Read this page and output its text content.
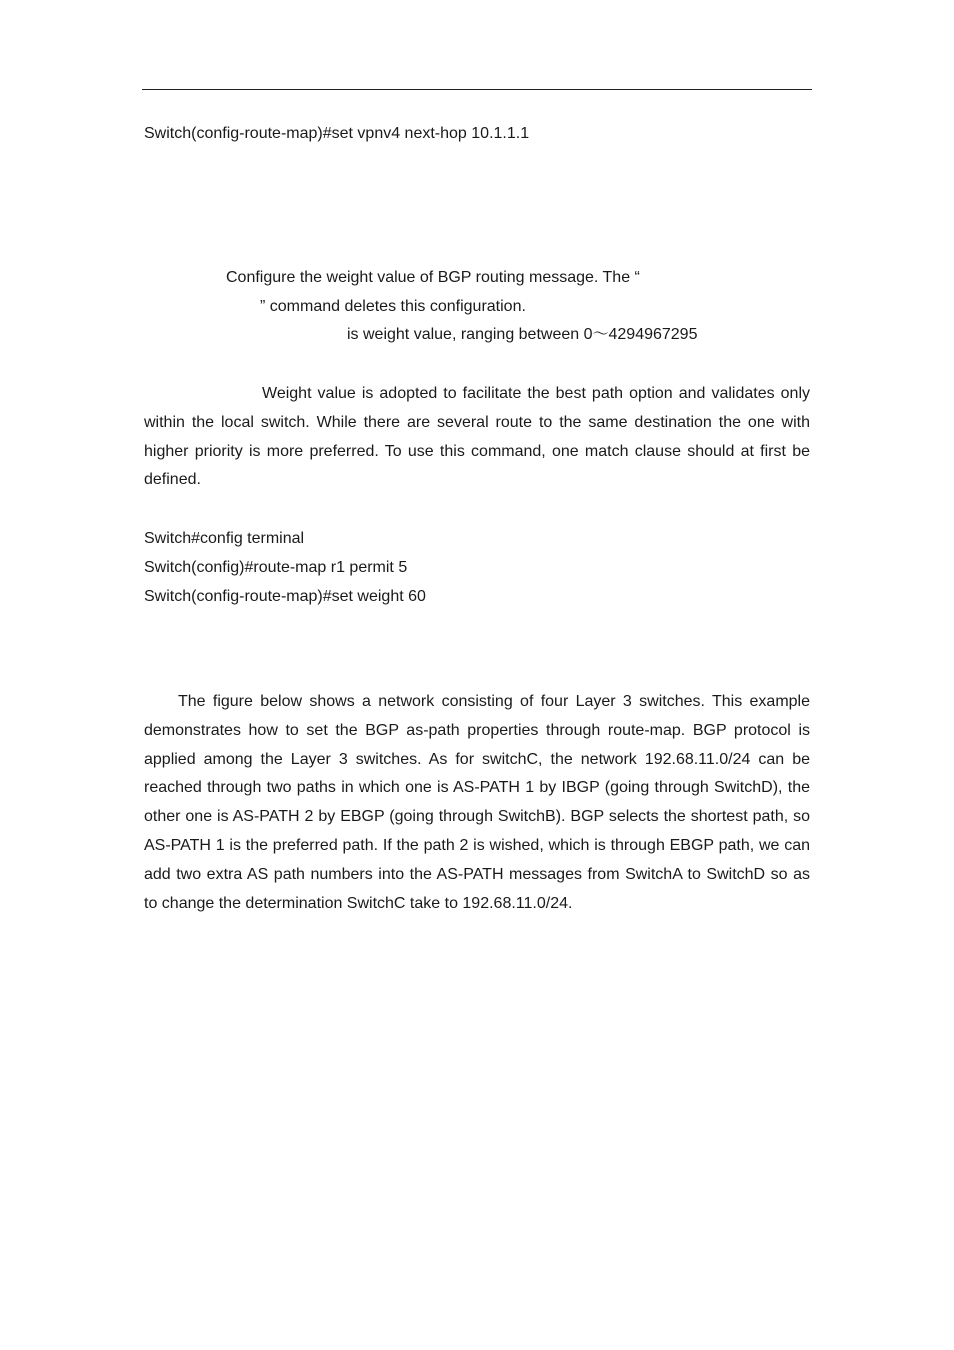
Switch(config-route-map)#set vpnv4 next-hop 10.1.1.1
Configure the weight value of BGP routing message. The “
” command deletes this configuration.
is weight value, ranging between 0～4294967295
Weight value is adopted to facilitate the best path option and validates only within the local switch. While there are several route to the same destination the one with higher priority is more preferred. To use this command, one match clause should at first be defined.
Switch#config terminal
Switch(config)#route-map r1 permit 5
Switch(config-route-map)#set weight 60
The figure below shows a network consisting of four Layer 3 switches. This example demonstrates how to set the BGP as-path properties through route-map. BGP protocol is applied among the Layer 3 switches. As for switchC, the network 192.68.11.0/24 can be reached through two paths in which one is AS-PATH 1 by IBGP (going through SwitchD), the other one is AS-PATH 2 by EBGP (going through SwitchB). BGP selects the shortest path, so AS-PATH 1 is the preferred path. If the path 2 is wished, which is through EBGP path, we can add two extra AS path numbers into the AS-PATH messages from SwitchA to SwitchD so as to change the determination SwitchC take to 192.68.11.0/24.
